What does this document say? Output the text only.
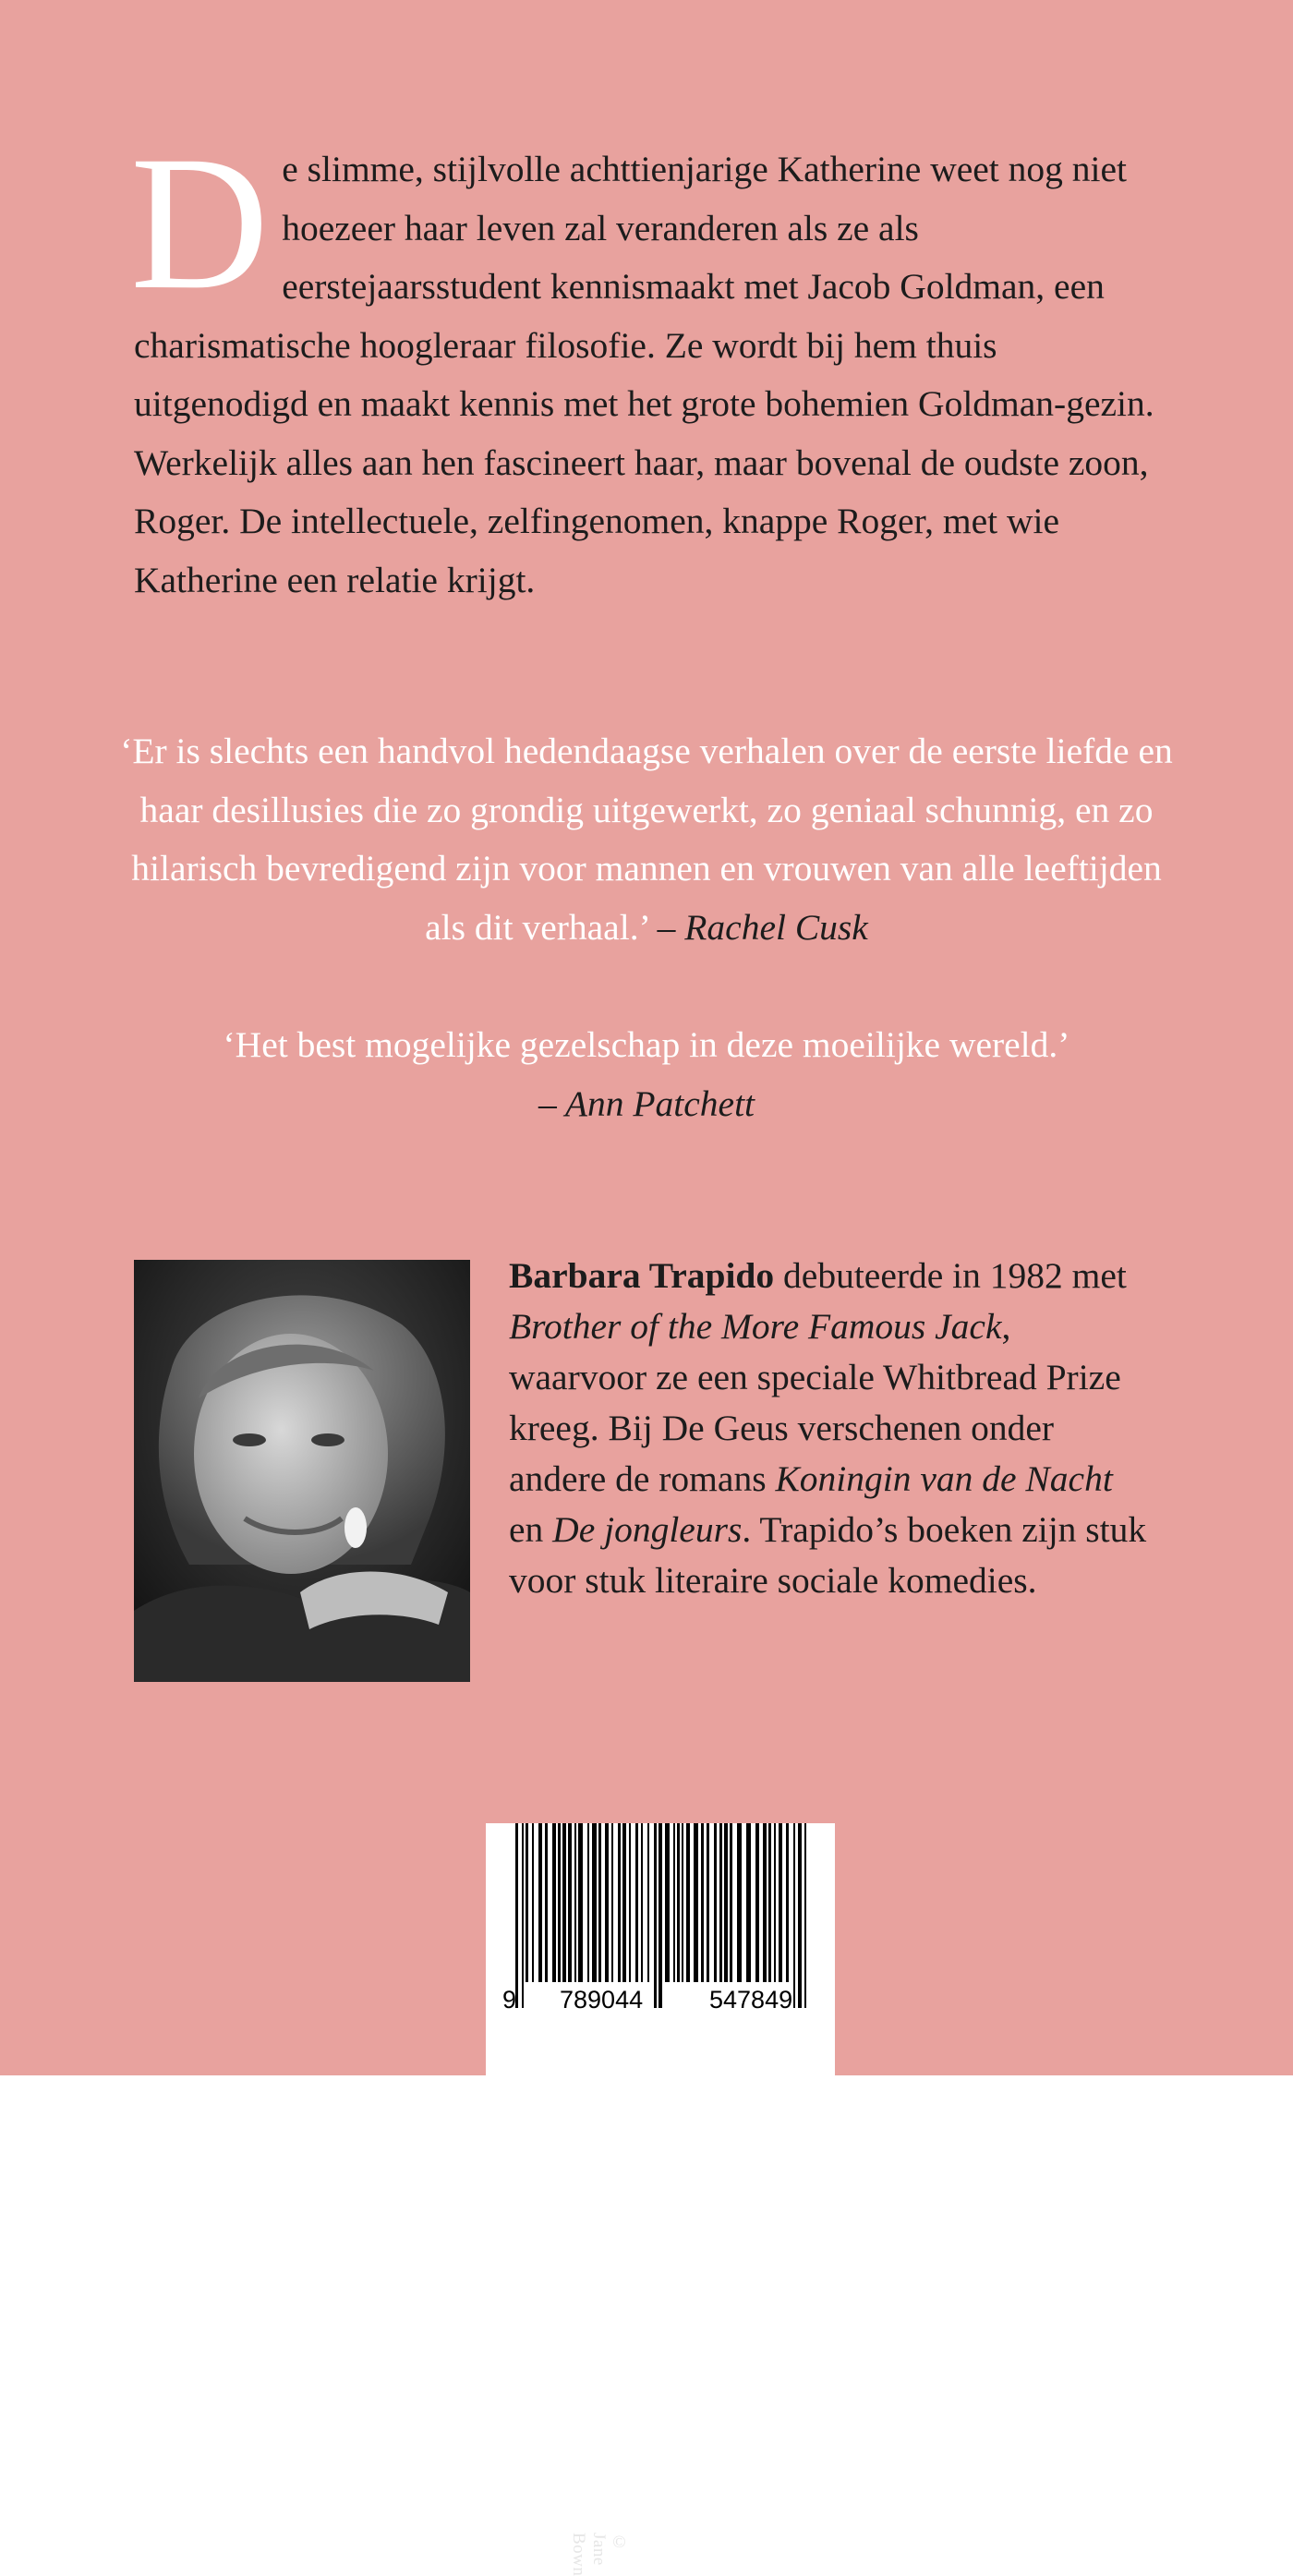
De slimme, stijlvolle achttienjarige Katherine weet nog niet hoezeer haar leven zal veranderen als ze als eerstejaarsstudent kennismaakt met Jacob Goldman, een charismatische hoogleraar filosofie. Ze wordt bij hem thuis uitgenodigd en maakt kennis met het grote bohemien Goldman-gezin. Werkelijk alles aan hen fascineert haar, maar bovenal de oudste zoon, Roger. De intellectuele, zelfingenomen, knappe Roger, met wie Katherine een relatie krijgt.

‘Er is slechts een handvol hedendaagse verhalen over de eerste liefde en haar desillusies die zo grondig uitgewerkt, zo geniaal schunnig, en zo hilarisch bevredigend zijn voor mannen en vrouwen van alle leeftijden als dit verhaal.’ – Rachel Cusk

‘Het best mogelijke gezelschap in deze moeilijke wereld.’
– Ann Patchett

© Jane Bown

Barbara Trapido debuteerde in 1982 met Brother of the More Famous Jack, waarvoor ze een speciale Whitbread Prize kreeg. Bij De Geus verschenen onder andere de romans Koningin van de Nacht en De jongleurs. Trapido’s boeken zijn stuk voor stuk literaire sociale komedies.

9 789044	547849
